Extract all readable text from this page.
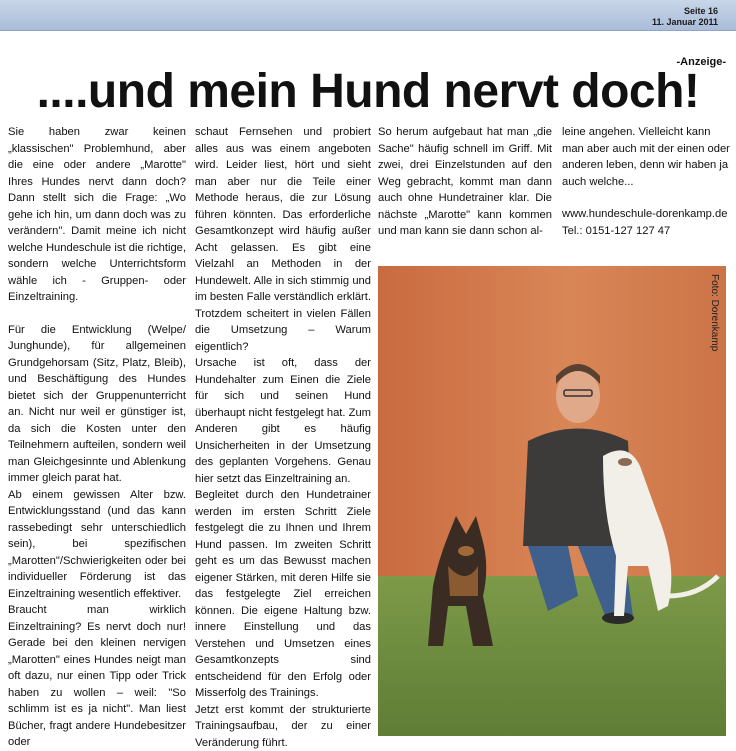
Seite 16
11. Januar 2011
-Anzeige-
....und mein Hund nervt doch!

Sie haben zwar keinen „klassischen" Problemhund, aber die eine oder andere „Marotte" Ihres Hundes nervt dann doch? Dann stellt sich die Frage: „Wo gehe ich hin, um dann doch was zu verändern". Damit meine ich nicht welche Hundeschule ist die richtige, sondern welche Unterrichtsform wähle ich - Gruppen- oder Einzeltraining.

Für die Entwicklung (Welpe/ Junghunde), für allgemeinen Grundgehorsam (Sitz, Platz, Bleib), und Beschäftigung des Hundes bietet sich der Gruppenunterricht an. Nicht nur weil er günstiger ist, da sich die Kosten unter den Teilnehmern aufteilen, sondern weil man Gleichgesinnte und Ablenkung immer gleich parat hat.

Ab einem gewissen Alter bzw. Entwicklungsstand (und das kann rassebedingt sehr unterschiedlich sein), bei spezifischen „Marotten"/Schwierigkeiten oder bei individueller Förderung ist das Einzeltraining wesentlich effektiver.

Braucht man wirklich Einzeltraining? Es nervt doch nur! Gerade bei den kleinen nervigen „Marotten" eines Hundes neigt man oft dazu, nur einen Tipp oder Trick haben zu wollen – weil: "So schlimm ist es ja nicht". Man liest Bücher, fragt andere Hundebesitzer oder

schaut Fernsehen und probiert alles aus was einem angeboten wird. Leider liest, hört und sieht man aber nur die Teile einer Methode heraus, die zur Lösung führen könnten. Das erforderliche Gesamtkonzept wird häufig außer Acht gelassen. Es gibt eine Vielzahl an Methoden in der Hundewelt. Alle in sich stimmig und im besten Falle verständlich erklärt. Trotzdem scheitert in vielen Fällen die Umsetzung – Warum eigentlich?

Ursache ist oft, dass der Hundehalter zum Einen die Ziele für sich und seinen Hund überhaupt nicht festgelegt hat. Zum Anderen gibt es häufig Unsicherheiten in der Umsetzung des geplanten Vorgehens. Genau hier setzt das Einzeltraining an.

Begleitet durch den Hundetrainer werden im ersten Schritt Ziele festgelegt die zu Ihnen und Ihrem Hund passen. Im zweiten Schritt geht es um das Bewusst machen eigener Stärken, mit deren Hilfe sie das festgelegte Ziel erreichen können. Die eigene Haltung bzw. innere Einstellung und das Verstehen und Umsetzen eines Gesamtkonzepts sind entscheidend für den Erfolg oder Misserfolg des Trainings.

Jetzt erst kommt der strukturierte Trainingsaufbau, der zu einer Veränderung führt.

So herum aufgebaut hat man „die Sache" häufig schnell im Griff. Mit zwei, drei Einzelstunden auf den Weg gebracht, kommt man dann auch ohne Hundetrainer klar. Die nächste „Marotte" kann kommen und man kann sie dann schon al-

leine angehen. Vielleicht kann man aber auch mit der einen oder anderen leben, denn wir haben ja auch welche...

www.hundeschule-dorenkamp.de

Tel.: 0151-127 127 47

Foto: Dorenkamp
